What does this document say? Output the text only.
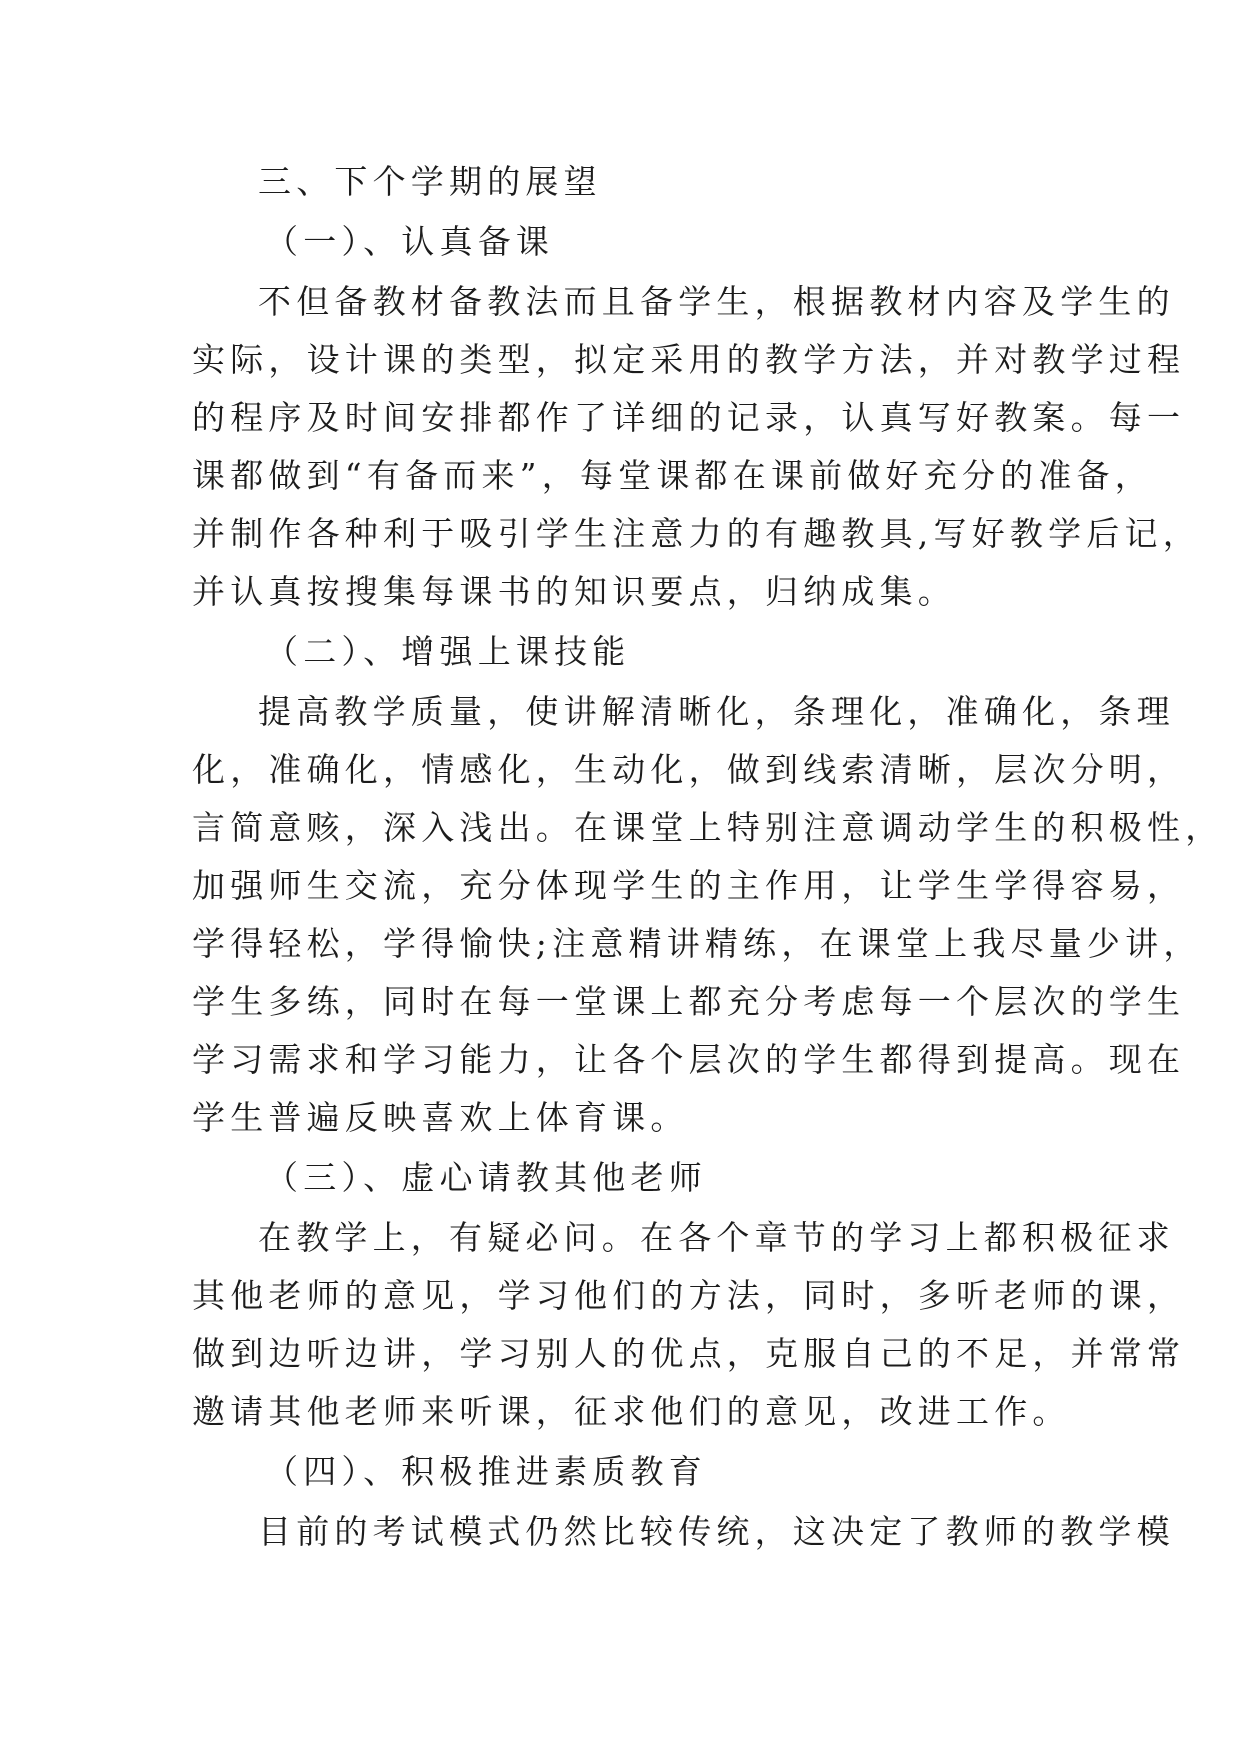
三、下个学期的展望

（一）、认真备课

不但备教材备教法而且备学生，根据教材内容及学生的

实际，设计课的类型，拟定采用的教学方法，并对教学过程

的程序及时间安排都作了详细的记录，认真写好教案。每一

课都做到“有备而来”，每堂课都在课前做好充分的准备，

并制作各种利于吸引学生注意力的有趣教具,写好教学后记，

并认真按搜集每课书的知识要点，归纳成集。

（二）、增强上课技能

提高教学质量，使讲解清晰化，条理化，准确化，条理

化，准确化，情感化，生动化，做到线索清晰，层次分明，

言简意赅，深入浅出。在课堂上特别注意调动学生的积极性，

加强师生交流，充分体现学生的主作用，让学生学得容易，

学得轻松，学得愉快;注意精讲精练，在课堂上我尽量少讲，

学生多练，同时在每一堂课上都充分考虑每一个层次的学生

学习需求和学习能力，让各个层次的学生都得到提高。现在

学生普遍反映喜欢上体育课。

（三）、虚心请教其他老师

在教学上，有疑必问。在各个章节的学习上都积极征求

其他老师的意见，学习他们的方法，同时，多听老师的课，

做到边听边讲，学习别人的优点，克服自己的不足，并常常

邀请其他老师来听课，征求他们的意见，改进工作。

（四）、积极推进素质教育

目前的考试模式仍然比较传统，这决定了教师的教学模
